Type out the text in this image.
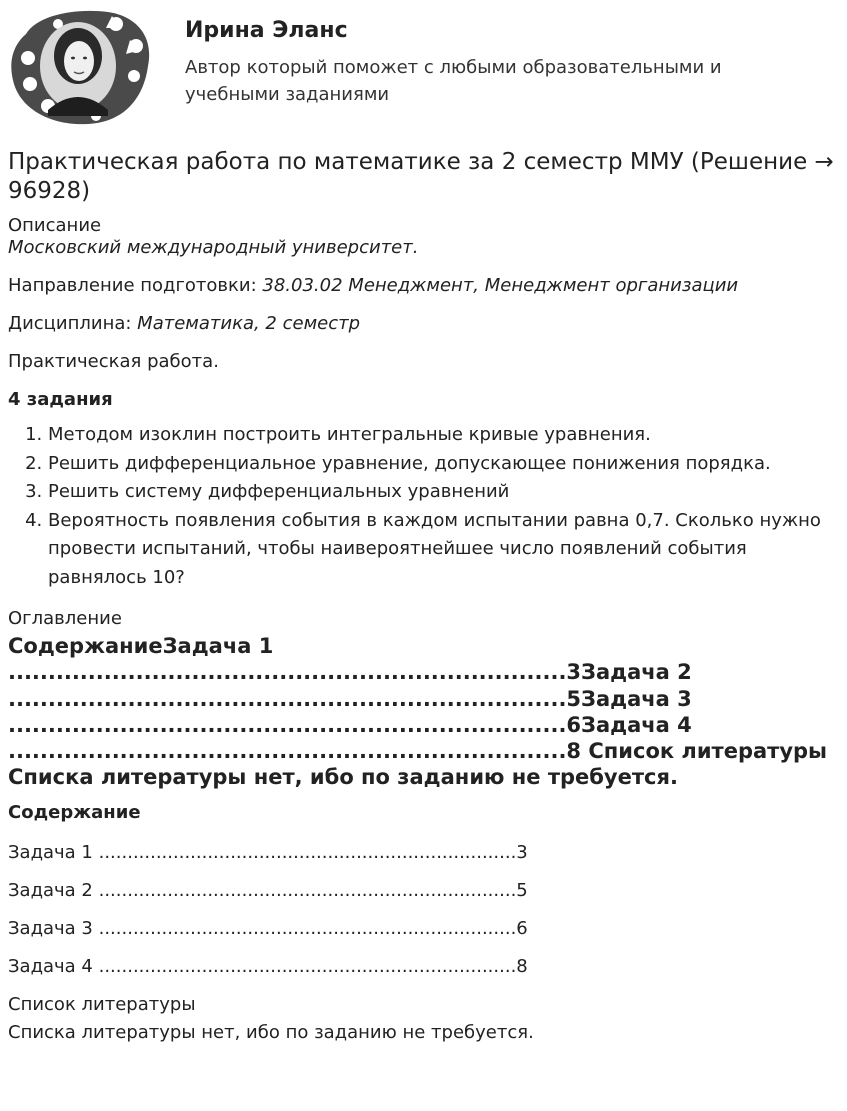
Ирина Эланс
Автор который поможет с любыми образовательными и учебными заданиями
Практическая работа по математике за 2 семестр ММУ (Решение → 96928)

Описание

Московский международный университет.

Направление подготовки: 38.03.02 Менеджмент, Менеджмент организации

Дисциплина: Математика, 2 семестр

Практическая работа.

4 задания

1. Методом изоклин построить интегральные кривые уравнения.
2. Решить дифференциальное уравнение, допускающее понижения порядка.
3. Решить систему дифференциальных уравнений
4. Вероятность появления события в каждом испытании равна 0,7. Сколько нужно провести испытаний, чтобы наивероятнейшее число появлений события равнялось 10?

Оглавление

СодержаниеЗадача 1 ......................................................................3Задача 2 ......................................................................5Задача 3 ......................................................................6Задача 4 ......................................................................8 Список литературы Списка литературы нет, ибо по заданию не требуется.

Содержание

Задача 1 .........................................................................3

Задача 2 .........................................................................5

Задача 3 .........................................................................6

Задача 4 .........................................................................8

Список литературы

Списка литературы нет, ибо по заданию не требуется.
